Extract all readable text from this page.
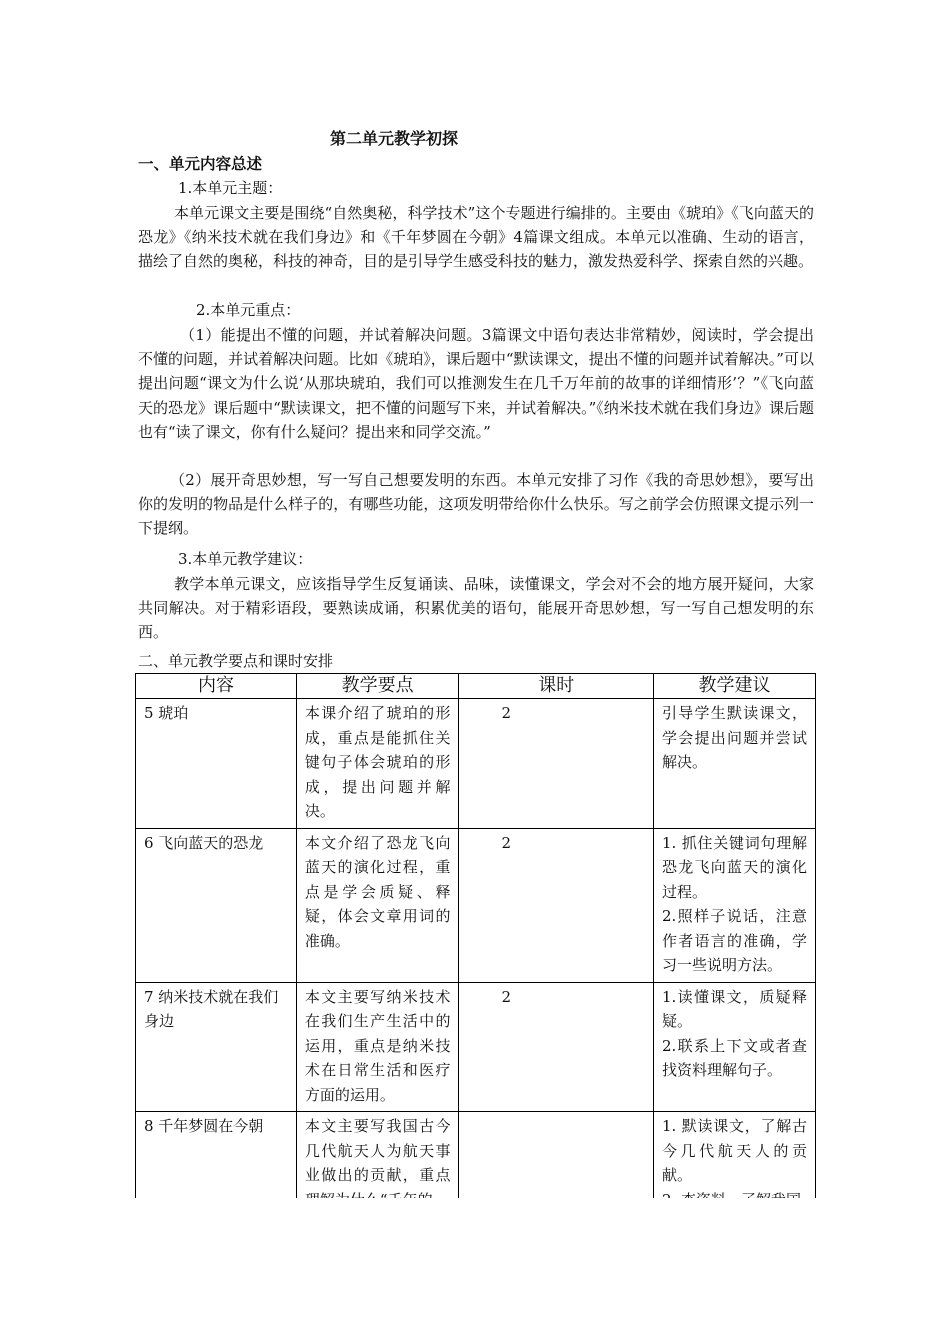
第二单元教学初探
一、单元内容总述
1.本单元主题：
本单元课文主要是围绕“自然奥秘，科学技术”这个专题进行编排的。主要由《琥珀》《飞向蓝天的恐龙》《纳米技术就在我们身边》和《千年梦圆在今朝》4篇课文组成。本单元以准确、生动的语言，描绘了自然的奥秘，科技的神奇，目的是引导学生感受科技的魅力，激发热爱科学、探索自然的兴趣。
2.本单元重点：
（1）能提出不懂的问题，并试着解决问题。3篇课文中语句表达非常精妙，阅读时，学会提出不懂的问题，并试着解决问题。比如《琥珀》，课后题中“默读课文，提出不懂的问题并试着解决。”可以提出问题“课文为什么说‘从那块琥珀，我们可以推测发生在几千万年前的故事的详细情形’？”《飞向蓝天的恐龙》课后题中“默读课文，把不懂的问题写下来，并试着解决。”《纳米技术就在我们身边》课后题也有“读了课文，你有什么疑问？提出来和同学交流。”
（2）展开奇思妙想，写一写自己想要发明的东西。本单元安排了习作《我的奇思妙想》，要写出你的发明的物品是什么样子的，有哪些功能，这项发明带给你什么快乐。写之前学会仿照课文提示列一下提纲。
3.本单元教学建议：
教学本单元课文，应该指导学生反复诵读、品味，读懂课文，学会对不会的地方展开疑问，大家共同解决。对于精彩语段，要熟读成诵，积累优美的语句，能展开奇思妙想，写一写自己想发明的东西。
二、单元教学要点和课时安排
内容	教学要点	课时	教学建议
5 琥珀	本课介绍了琥珀的形成，重点是能抓住关键句子体会琥珀的形成，提出问题并解决。	2	引导学生默读课文，学会提出问题并尝试解决。

6 飞向蓝天的恐龙	本文介绍了恐龙飞向蓝天的演化过程，重点是学会质疑、释疑，体会文章用词的准确。	2	1. 抓住关键词句理解恐龙飞向蓝天的演化过程。
2.照样子说话，注意作者语言的准确，学习一些说明方法。

7 纳米技术就在我们身边	本文主要写纳米技术在我们生产生活中的运用，重点是纳米技术在日常生活和医疗方面的运用。	2	1.读懂课文，质疑释疑。
2.联系上下文或者查找资料理解句子。

8 千年梦圆在今朝	本文主要写我国古今几代航天人为航天事业做出的贡献，重点		1. 默读课文，了解古今几代航天人的贡献。
